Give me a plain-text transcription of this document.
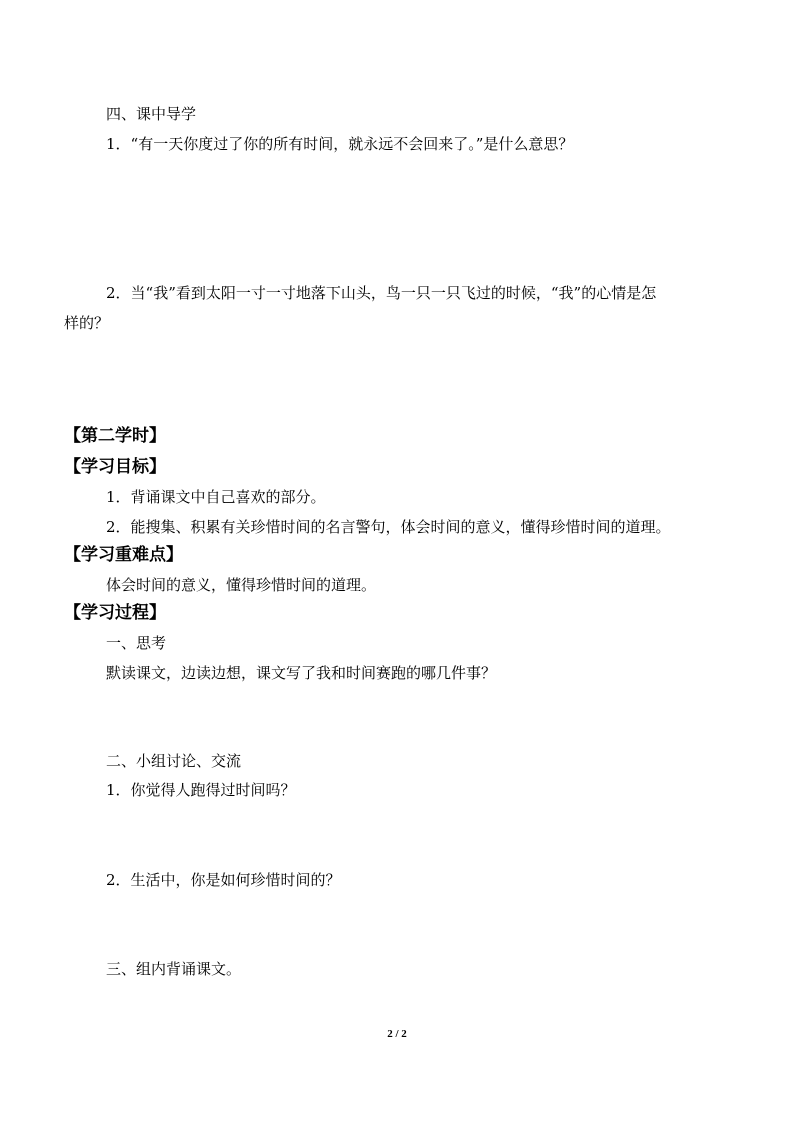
四、课中导学
1．“有一天你度过了你的所有时间，就永远不会回来了。”是什么意思？
2．当“我”看到太阳一寸一寸地落下山头，鸟一只一只飞过的时候，“我”的心情是怎
样的？
【第二学时】
【学习目标】
1．背诵课文中自己喜欢的部分。
2．能搜集、积累有关珍惜时间的名言警句，体会时间的意义，懂得珍惜时间的道理。
【学习重难点】
体会时间的意义，懂得珍惜时间的道理。
【学习过程】
一、思考
默读课文，边读边想，课文写了我和时间赛跑的哪几件事？
二、小组讨论、交流
1．你觉得人跑得过时间吗？
2．生活中，你是如何珍惜时间的？
三、组内背诵课文。
2 / 2
